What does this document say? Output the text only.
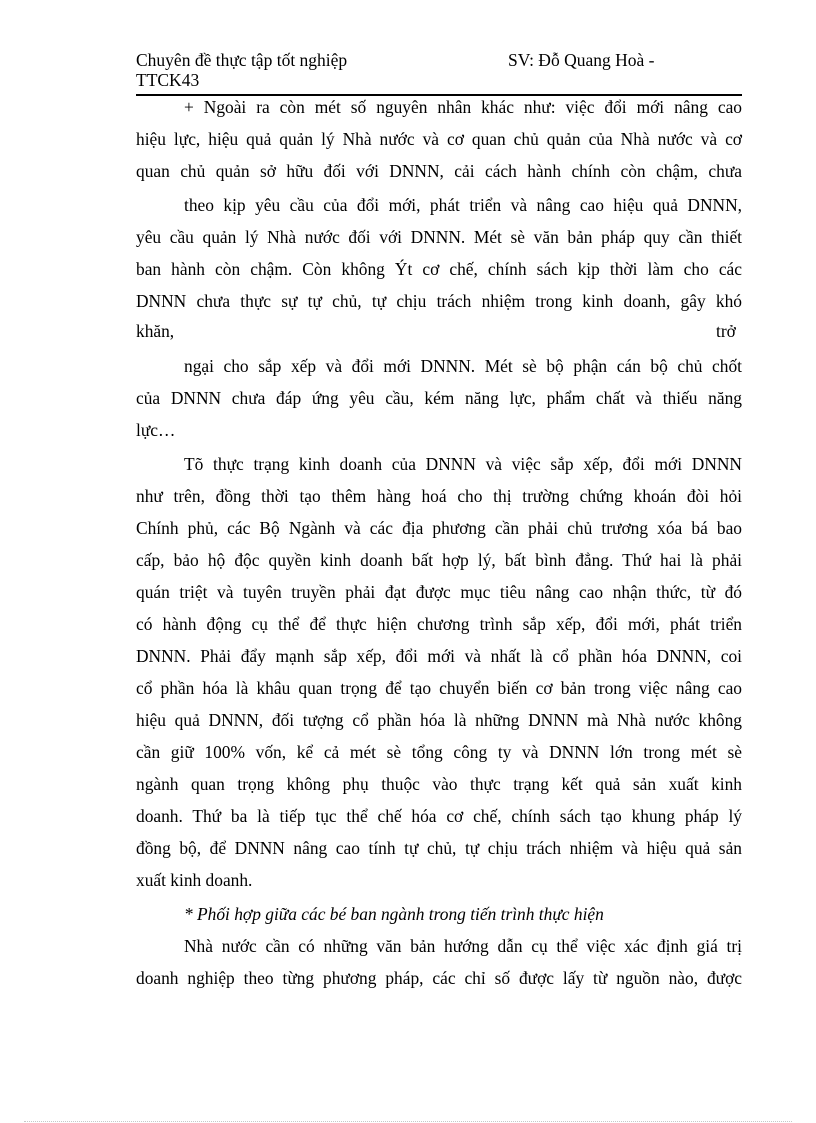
Chuyên đề thực tập tốt nghiệp	SV: Đỗ Quang Hoà -
TTCK43
+ Ngoài ra còn mét số nguyên nhân khác như: việc đổi mới nâng cao
hiệu lực, hiệu quả quản lý Nhà nước và cơ quan chủ quản của Nhà nước và cơ
quan chủ quản sở hữu đối với DNNN, cải cách hành chính còn chậm, chưa
theo kịp yêu cầu của đổi mới, phát triển và nâng cao hiệu quả DNNN,
yêu cầu quản lý Nhà nước đối với DNNN. Mét sè văn bản pháp quy cần thiết
ban hành còn chậm. Còn không Ýt cơ chế, chính sách kịp thời làm cho các
DNNN chưa thực sự tự chủ, tự chịu trách nhiệm trong kinh doanh, gây khó
khăn,	trở
ngại cho sắp xếp và đổi mới DNNN. Mét sè bộ phận cán bộ chủ chốt
của DNNN chưa đáp ứng yêu cầu, kém năng lực, phẩm chất và thiếu năng
lực…
Tõ thực trạng kinh doanh của DNNN và việc sắp xếp, đổi mới DNNN
như trên, đồng thời tạo thêm hàng hoá cho thị trường chứng khoán đòi hỏi
Chính phủ, các Bộ Ngành và các địa phương cần phải chủ trương xóa bá bao
cấp, bảo hộ độc quyền kinh doanh bất hợp lý, bất bình đẳng. Thứ hai là phải
quán triệt và tuyên truyền phải đạt được mục tiêu nâng cao nhận thức, từ đó
có hành động cụ thể để thực hiện chương trình sắp xếp, đổi mới, phát triển
DNNN. Phải đẩy mạnh sắp xếp, đổi mới và nhất là cổ phần hóa DNNN, coi
cổ phần hóa là khâu quan trọng để tạo chuyển biến cơ bản trong việc nâng cao
hiệu quả DNNN, đối tượng cổ phần hóa là những DNNN mà Nhà nước không
cần giữ 100% vốn, kể cả mét sè tổng công ty và DNNN lớn trong mét sè
ngành quan trọng không phụ thuộc vào thực trạng kết quả sản xuất kinh
doanh. Thứ ba là tiếp tục thể chế hóa cơ chế, chính sách tạo khung pháp lý
đồng bộ, để DNNN nâng cao tính tự chủ, tự chịu trách nhiệm và hiệu quả sản
xuất kinh doanh.
* Phối hợp giữa các bé ban ngành trong tiến trình thực hiện
Nhà nước cần có những văn bản hướng dẫn cụ thể việc xác định giá trị
doanh nghiệp theo từng phương pháp, các chỉ số được lấy từ nguồn nào, được
